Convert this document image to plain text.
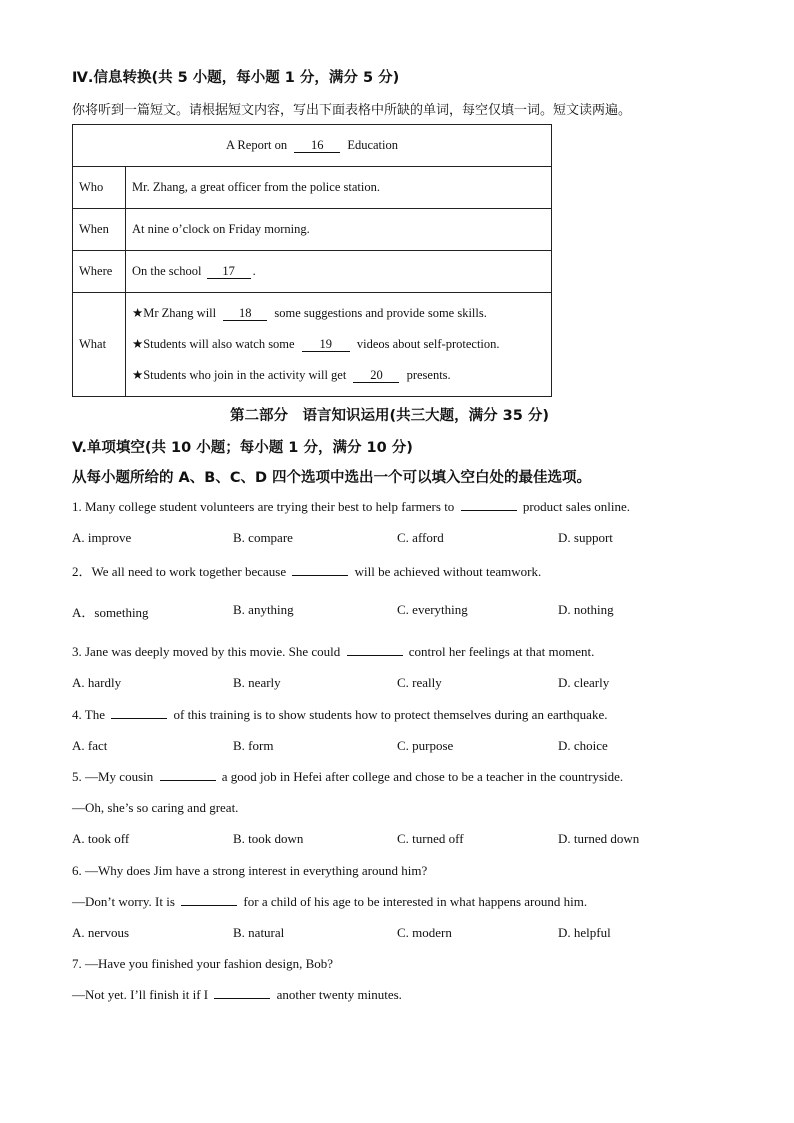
Ⅳ.信息转换(共 5 小题，每小题 1 分，满分 5 分)
你将听到一篇短文。请根据短文内容，写出下面表格中所缺的单词，每空仅填一词。短文读两遍。
A Report on 16 Education	
Who	Mr. Zhang, a great officer from the police station.
When	At nine o’clock on Friday morning.
Where	On the school 17 .
What	★Mr Zhang will 18 some suggestions and provide some skills.
★Students will also watch some 19 videos about self-protection.
★Students who join in the activity will get 20 presents.
第二部分　语言知识运用(共三大题，满分 35 分)
V.单项填空(共 10 小题；每小题 1 分，满分 10 分)
从每小题所给的 A、B、C、D 四个选项中选出一个可以填入空白处的最佳选项。
1. Many college student volunteers are trying their best to help farmers to	product sales online.
A. improve	B. compare	C. afford	D. support
2．We all need to work together because	will be achieved without teamwork.
A．something	B. anything	C. everything	D. nothing
3. Jane was deeply moved by this movie. She could	control her feelings at that moment.
A. hardly	B. nearly	C. really	D. clearly
4. The	of this training is to show students how to protect themselves during an earthquake.
A. fact	B. form	C. purpose	D. choice
5. —My cousin	a good job in Hefei after college and chose to be a teacher in the countryside.
—Oh, she’s so caring and great.
A. took off	B. took down	C. turned off	D. turned down
6. —Why does Jim have a strong interest in everything around him?
—Don’t worry. It is	for a child of his age to be interested in what happens around him.
A. nervous	B. natural	C. modern	D. helpful
7. —Have you finished your fashion design, Bob?
—Not yet. I’ll finish it if I	another twenty minutes.
